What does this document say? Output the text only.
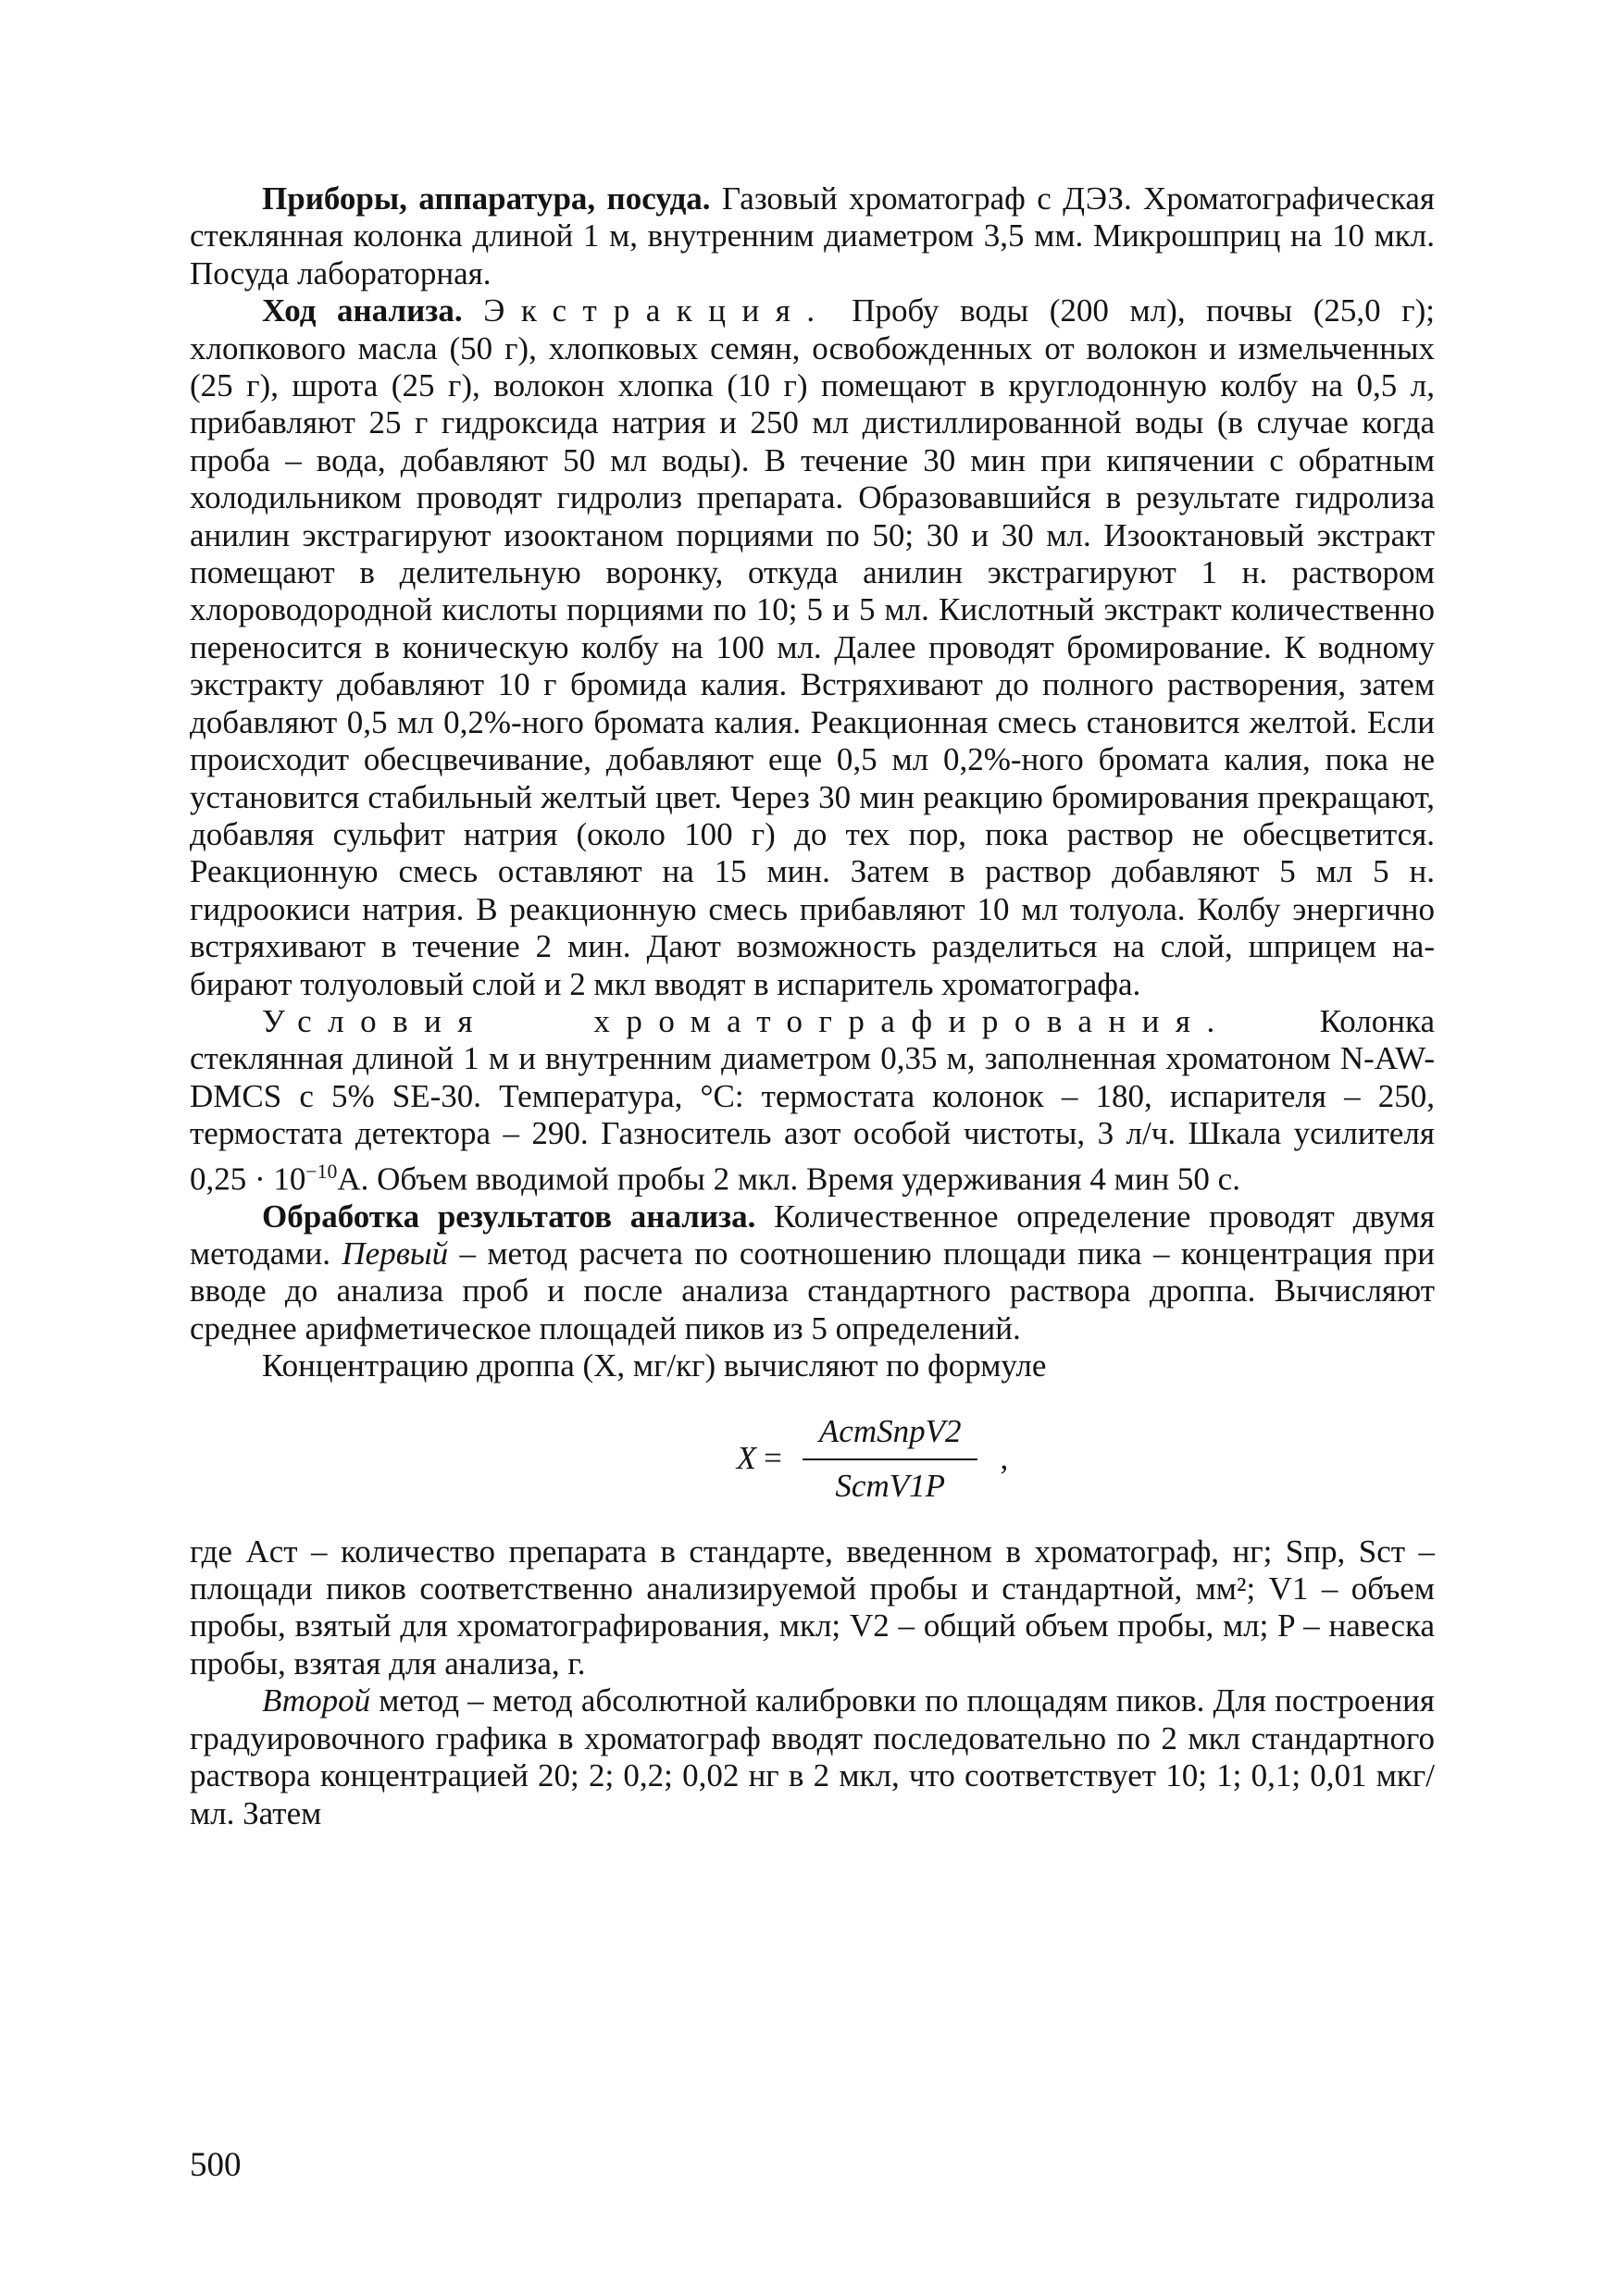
Приборы, аппаратура, посуда. Газовый хроматограф с ДЭЗ. Хроматографическая стеклянная колонка длиной 1 м, внутренним диаметром 3,5 мм. Микрошприц на 10 мкл. Посуда лабораторная.

Ход анализа. Экстракция. Пробу воды (200 мл), почвы (25,0 г); хлопкового масла (50 г), хлопковых семян, освобожденных от волокон и измельченных (25 г), шрота (25 г), волокон хлопка (10 г) помещают в круглодонную колбу на 0,5 л, прибавляют 25 г гидроксида натрия и 250 мл дистиллированной воды (в случае когда проба – вода, добавляют 50 мл воды). В течение 30 мин при кипячении с обратным холодильником проводят гидролиз препарата. Образовавшийся в результате гидролиза анилин экстрагируют изооктаном порциями по 50; 30 и 30 мл. Изооктановый экстракт помещают в делительную воронку, откуда анилин экстрагируют 1 н. раствором хлороводородной кислоты порциями по 10; 5 и 5 мл. Кислотный экстракт количественно переносится в коническую колбу на 100 мл. Далее проводят бромирование. К водному экстракту добавляют 10 г бромида калия. Встряхивают до полного растворения, затем добавляют 0,5 мл 0,2%-ного бромата калия. Реакционная смесь становится желтой. Если происходит обесцвечивание, добавляют еще 0,5 мл 0,2%-ного бромата калия, пока не установится стабильный желтый цвет. Через 30 мин реакцию бромирования прекращают, добавляя сульфит натрия (около 100 г) до тех пор, пока раствор не обесцветится. Реакционную смесь оставляют на 15 мин. Затем в раствор добавляют 5 мл 5 н. гидроокиси натрия. В реакционную смесь прибавляют 10 мл толуола. Колбу энергично встряхивают в течение 2 мин. Дают возможность разделиться на слой, шприцем набирают толуоловый слой и 2 мкл вводят в испаритель хроматографа.

Условия хроматографирования. Колонка стеклянная длиной 1 м и внутренним диаметром 0,35 м, заполненная хроматоном N-AW-DMCS с 5% SE-30. Температура, °С: термостата колонок – 180, испарителя – 250, термостата детектора – 290. Газноситель азот особой чистоты, 3 л/ч. Шкала усилителя $0,25 \cdot 10^{-10}А$. Объем вводимой пробы 2 мкл. Время удерживания 4 мин 50 с.

Обработка результатов анализа. Количественное определение проводят двумя методами. Первый – метод расчета по соотношению площади пика – концентрация при вводе до анализа проб и после анализа стандартного раствора дроппа. Вычисляют среднее арифметическое площадей пиков из 5 определений.

Концентрацию дроппа (X, мг/кг) вычисляют по формуле

$X = \frac{\text{AстSпрV2}}{\text{SстV1P}}$ ,

где Aст – количество препарата в стандарте, введенном в хроматограф, нг; Sпр, Sст – площади пиков соответственно анализируемой пробы и стандартной, мм²; V1 – объем пробы, взятый для хроматографирования, мкл; V2 – общий объем пробы, мл; P – навеска пробы, взятая для анализа, г.

Второй метод – метод абсолютной калибровки по площадям пиков. Для построения градуировочного графика в хроматограф вводят последовательно по 2 мкл стандартного раствора концентрацией 20; 2; 0,2; 0,02 нг в 2 мкл, что соответствует 10; 1; 0,1; 0,01 мкг/мл. Затем

500
